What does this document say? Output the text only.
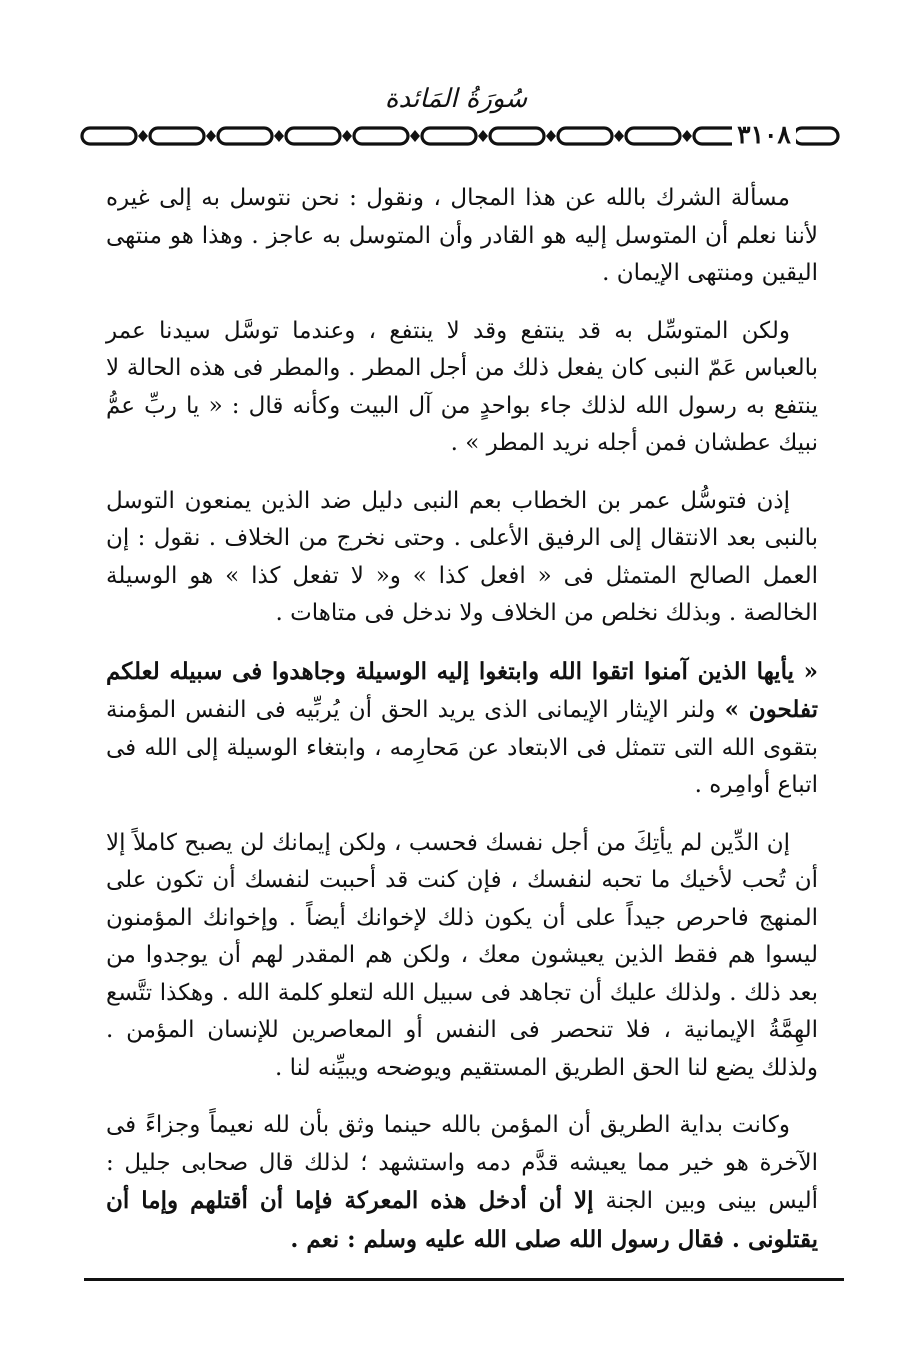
سُورَةُ المَائدة
٣١٠٨

مسألة الشرك بالله عن هذا المجال ، ونقول : نحن نتوسل به إلى غيره لأننا نعلم أن المتوسل إليه هو القادر وأن المتوسل به عاجز . وهذا هو منتهى اليقين ومنتهى الإيمان .

ولكن المتوسِّل به قد ينتفع وقد لا ينتفع ، وعندما توسَّل سيدنا عمر بالعباس عَمّ النبى كان يفعل ذلك من أجل المطر . والمطر فى هذه الحالة لا ينتفع به رسول الله لذلك جاء بواحدٍ من آل البيت وكأنه قال : « يا ربِّ عمُّ نبيك عطشان فمن أجله نريد المطر » .

إذن فتوسُّل عمر بن الخطاب بعم النبى دليل ضد الذين يمنعون التوسل بالنبى بعد الانتقال إلى الرفيق الأعلى . وحتى نخرج من الخلاف . نقول : إن العمل الصالح المتمثل فى « افعل كذا » و« لا تفعل كذا » هو الوسيلة الخالصة . وبذلك نخلص من الخلاف ولا ندخل فى متاهات .

« يأيها الذين آمنوا اتقوا الله وابتغوا إليه الوسيلة وجاهدوا فى سبيله لعلكم تفلحون » ولنر الإيثار الإيمانى الذى يريد الحق أن يُربِّيه فى النفس المؤمنة بتقوى الله التى تتمثل فى الابتعاد عن مَحارِمه ، وابتغاء الوسيلة إلى الله فى اتباع أوامِره .

إن الدِّين لم يأتِكَ من أجل نفسك فحسب ، ولكن إيمانك لن يصبح كاملاً إلا أن تُحب لأخيك ما تحبه لنفسك ، فإن كنت قد أحببت لنفسك أن تكون على المنهج فاحرص جيداً على أن يكون ذلك لإخوانك أيضاً . وإخوانك المؤمنون ليسوا هم فقط الذين يعيشون معك ، ولكن هم المقدر لهم أن يوجدوا من بعد ذلك . ولذلك عليك أن تجاهد فى سبيل الله لتعلو كلمة الله . وهكذا تتَّسع الهِمَّةُ الإيمانية ، فلا تنحصر فى النفس أو المعاصرين للإنسان المؤمن . ولذلك يضع لنا الحق الطريق المستقيم ويوضحه ويبيِّنه لنا .

وكانت بداية الطريق أن المؤمن بالله حينما وثق بأن لله نعيماً وجزاءً فى الآخرة هو خير مما يعيشه قدَّم دمه واستشهد ؛ لذلك قال صحابى جليل : أليس بينى وبين الجنة إلا أن أدخل هذه المعركة فإما أن أقتلهم وإما أن يقتلونى . فقال رسول الله صلى الله عليه وسلم : نعم .
